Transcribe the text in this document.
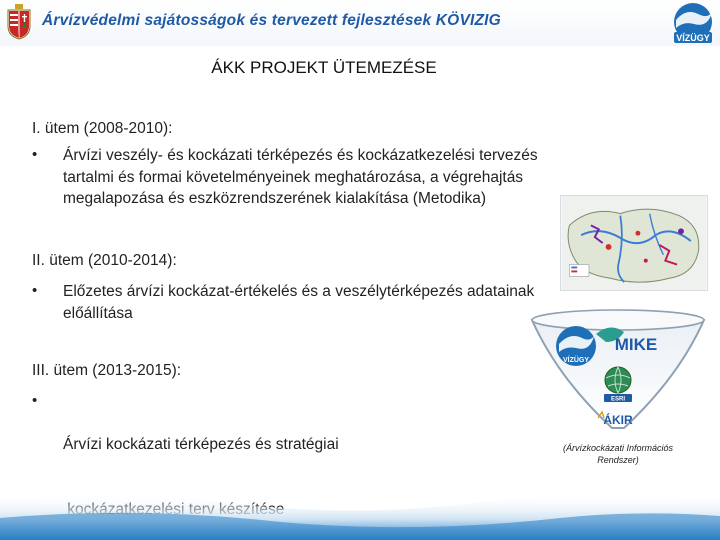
Árvízvédelmi sajátosságok és tervezett fejlesztések KÖVIZIG
VÍZÜGY
ÁKK PROJEKT ÜTEMEZÉSE
I. ütem (2008-2010):
• Árvízi veszély- és kockázati térképezés és kockázatkezelési tervezés
tartalmi és formai követelményeinek meghatározása, a végrehajtás
megalapozása és eszközrendszerének kialakítása (Metodika)
II. ütem (2010-2014):
• Előzetes árvízi kockázat-értékelés és a veszélytérképezés adatainak
előállítása
III. ütem (2013-2015):
•

Árvízi kockázati térképezés és stratégiai

VÍZÜGY
MIKE
ESRI
ÁKIR
(Árvízkockázati Információs
Rendszer)
